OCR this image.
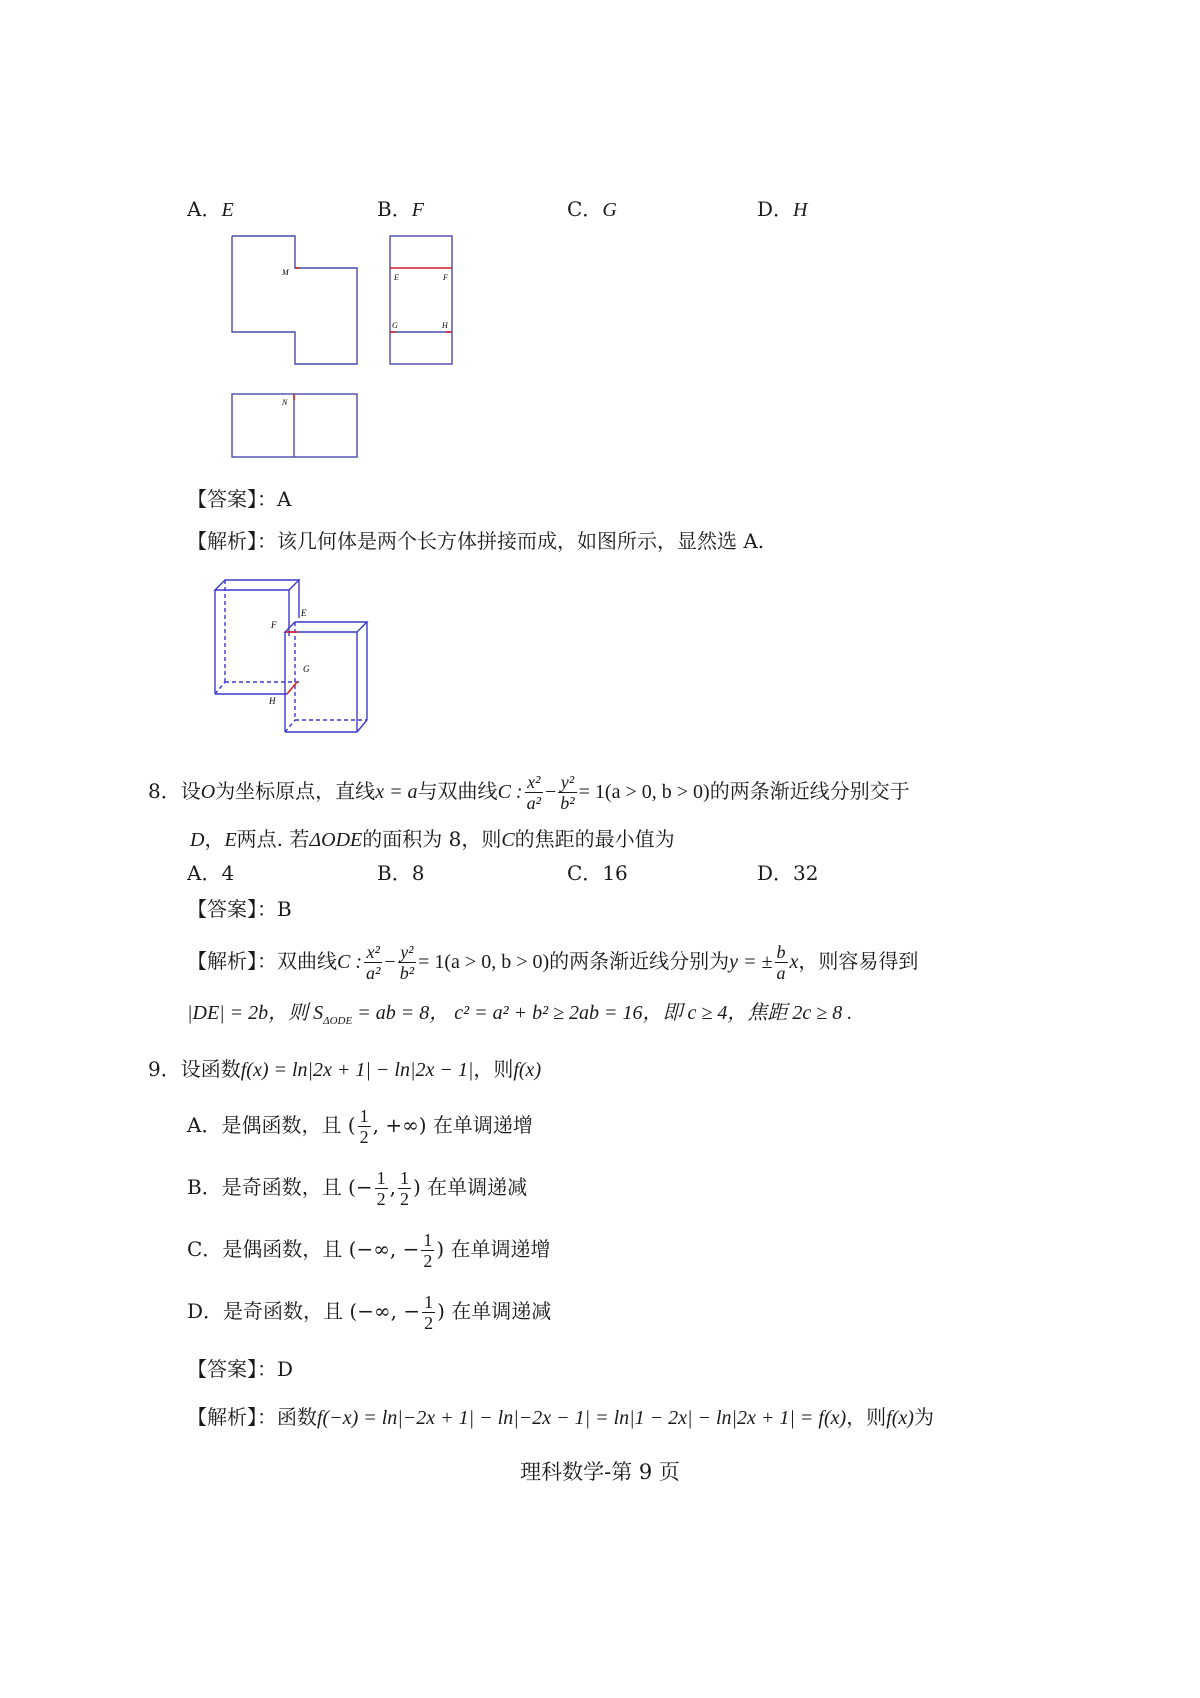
A．E	B．F	C．G	D．H
M
E	F
G	H
N
【答案】：A
【解析】：该几何体是两个长方体拼接而成，如图所示，显然选 A.
E
F
G
H
8．设O为坐标原点，直线x = a与双曲线C : $\frac{\text{x²}}{\text{a²}} - \frac{\text{y²}}{\text{b²}} = 1(a > 0$, b > 0)的两条渐近线分别交于
D，E两点. 若ΔODE的面积为 8，则C的焦距的最小值为
A．4	B．8	C．16	D．32
【答案】：B
【解析】：双曲线C : $\frac{\text{x²}}{\text{a²}} - \frac{\text{y²}}{\text{b²}} = 1(a > 0$, b > 0)的两条渐近线分别为y = ± $\frac{b}{a}$ x，则容易得到
|DE| = 2b，则 $S_{\Delta ODE}$ = ab = 8， c² = a² + b² ≥ 2ab = 16，即 c ≥ 4，焦距 2c ≥ 8 .
9．设函数f(x) = ln|2x + 1| − ln|2x − 1|，则f(x)
A．是偶函数，且 ( $\frac{1}{2}$ , +∞) 在单调递增
B．是奇函数，且 (− $\frac{1}{2}$ , $\frac{1}{2}$ ) 在单调递减
C．是偶函数，且 (−∞, − $\frac{1}{2}$ ) 在单调递增
D．是奇函数，且 (−∞, − $\frac{1}{2}$ ) 在单调递减
【答案】：D
【解析】：函数f(−x) = ln|−2x + 1| − ln|−2x − 1| = ln|1 − 2x| − ln|2x + 1| = f(x)，则f(x)为
理科数学-第 9 页
